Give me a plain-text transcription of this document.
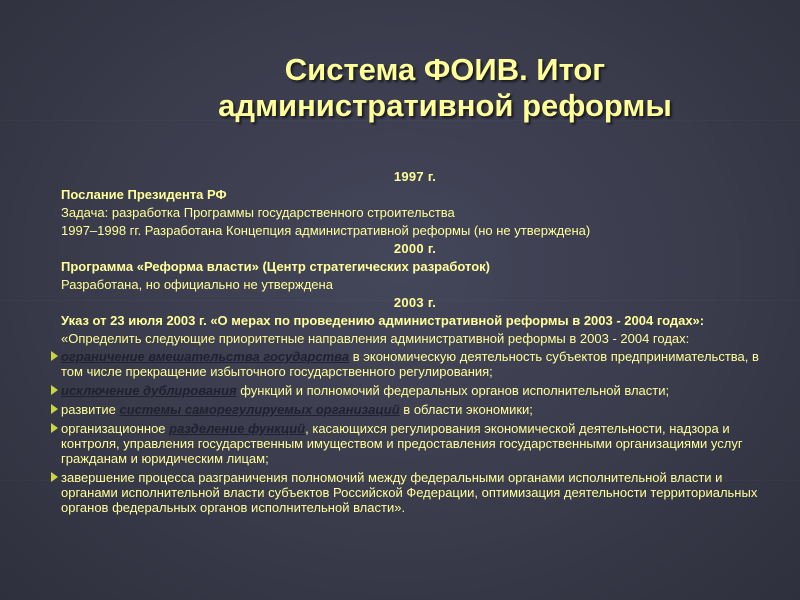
Система ФОИВ. Итог
административной реформы
1997 г.
Послание Президента РФ
Задача: разработка Программы государственного строительства
1997–1998 гг. Разработана Концепция административной реформы (но не утверждена)
2000 г.
Программа «Реформа власти» (Центр стратегических разработок)
Разработана, но официально не утверждена
2003 г.
Указ от 23 июля 2003 г. «О мерах по проведению административной реформы в 2003 - 2004 годах»:
«Определить следующие приоритетные направления административной реформы в 2003 - 2004 годах:
ограничение вмешательства государства в экономическую деятельность субъектов предпринимательства, в том числе прекращение избыточного государственного регулирования;
исключение дублирования функций и полномочий федеральных органов исполнительной власти;
развитие системы саморегулируемых организаций в области экономики;
организационное разделение функций, касающихся регулирования экономической деятельности, надзора и контроля, управления государственным имуществом и предоставления государственными организациями услуг гражданам и юридическим лицам;
завершение процесса разграничения полномочий между федеральными органами исполнительной власти и органами исполнительной власти субъектов Российской Федерации, оптимизация деятельности территориальных органов федеральных органов исполнительной власти».
